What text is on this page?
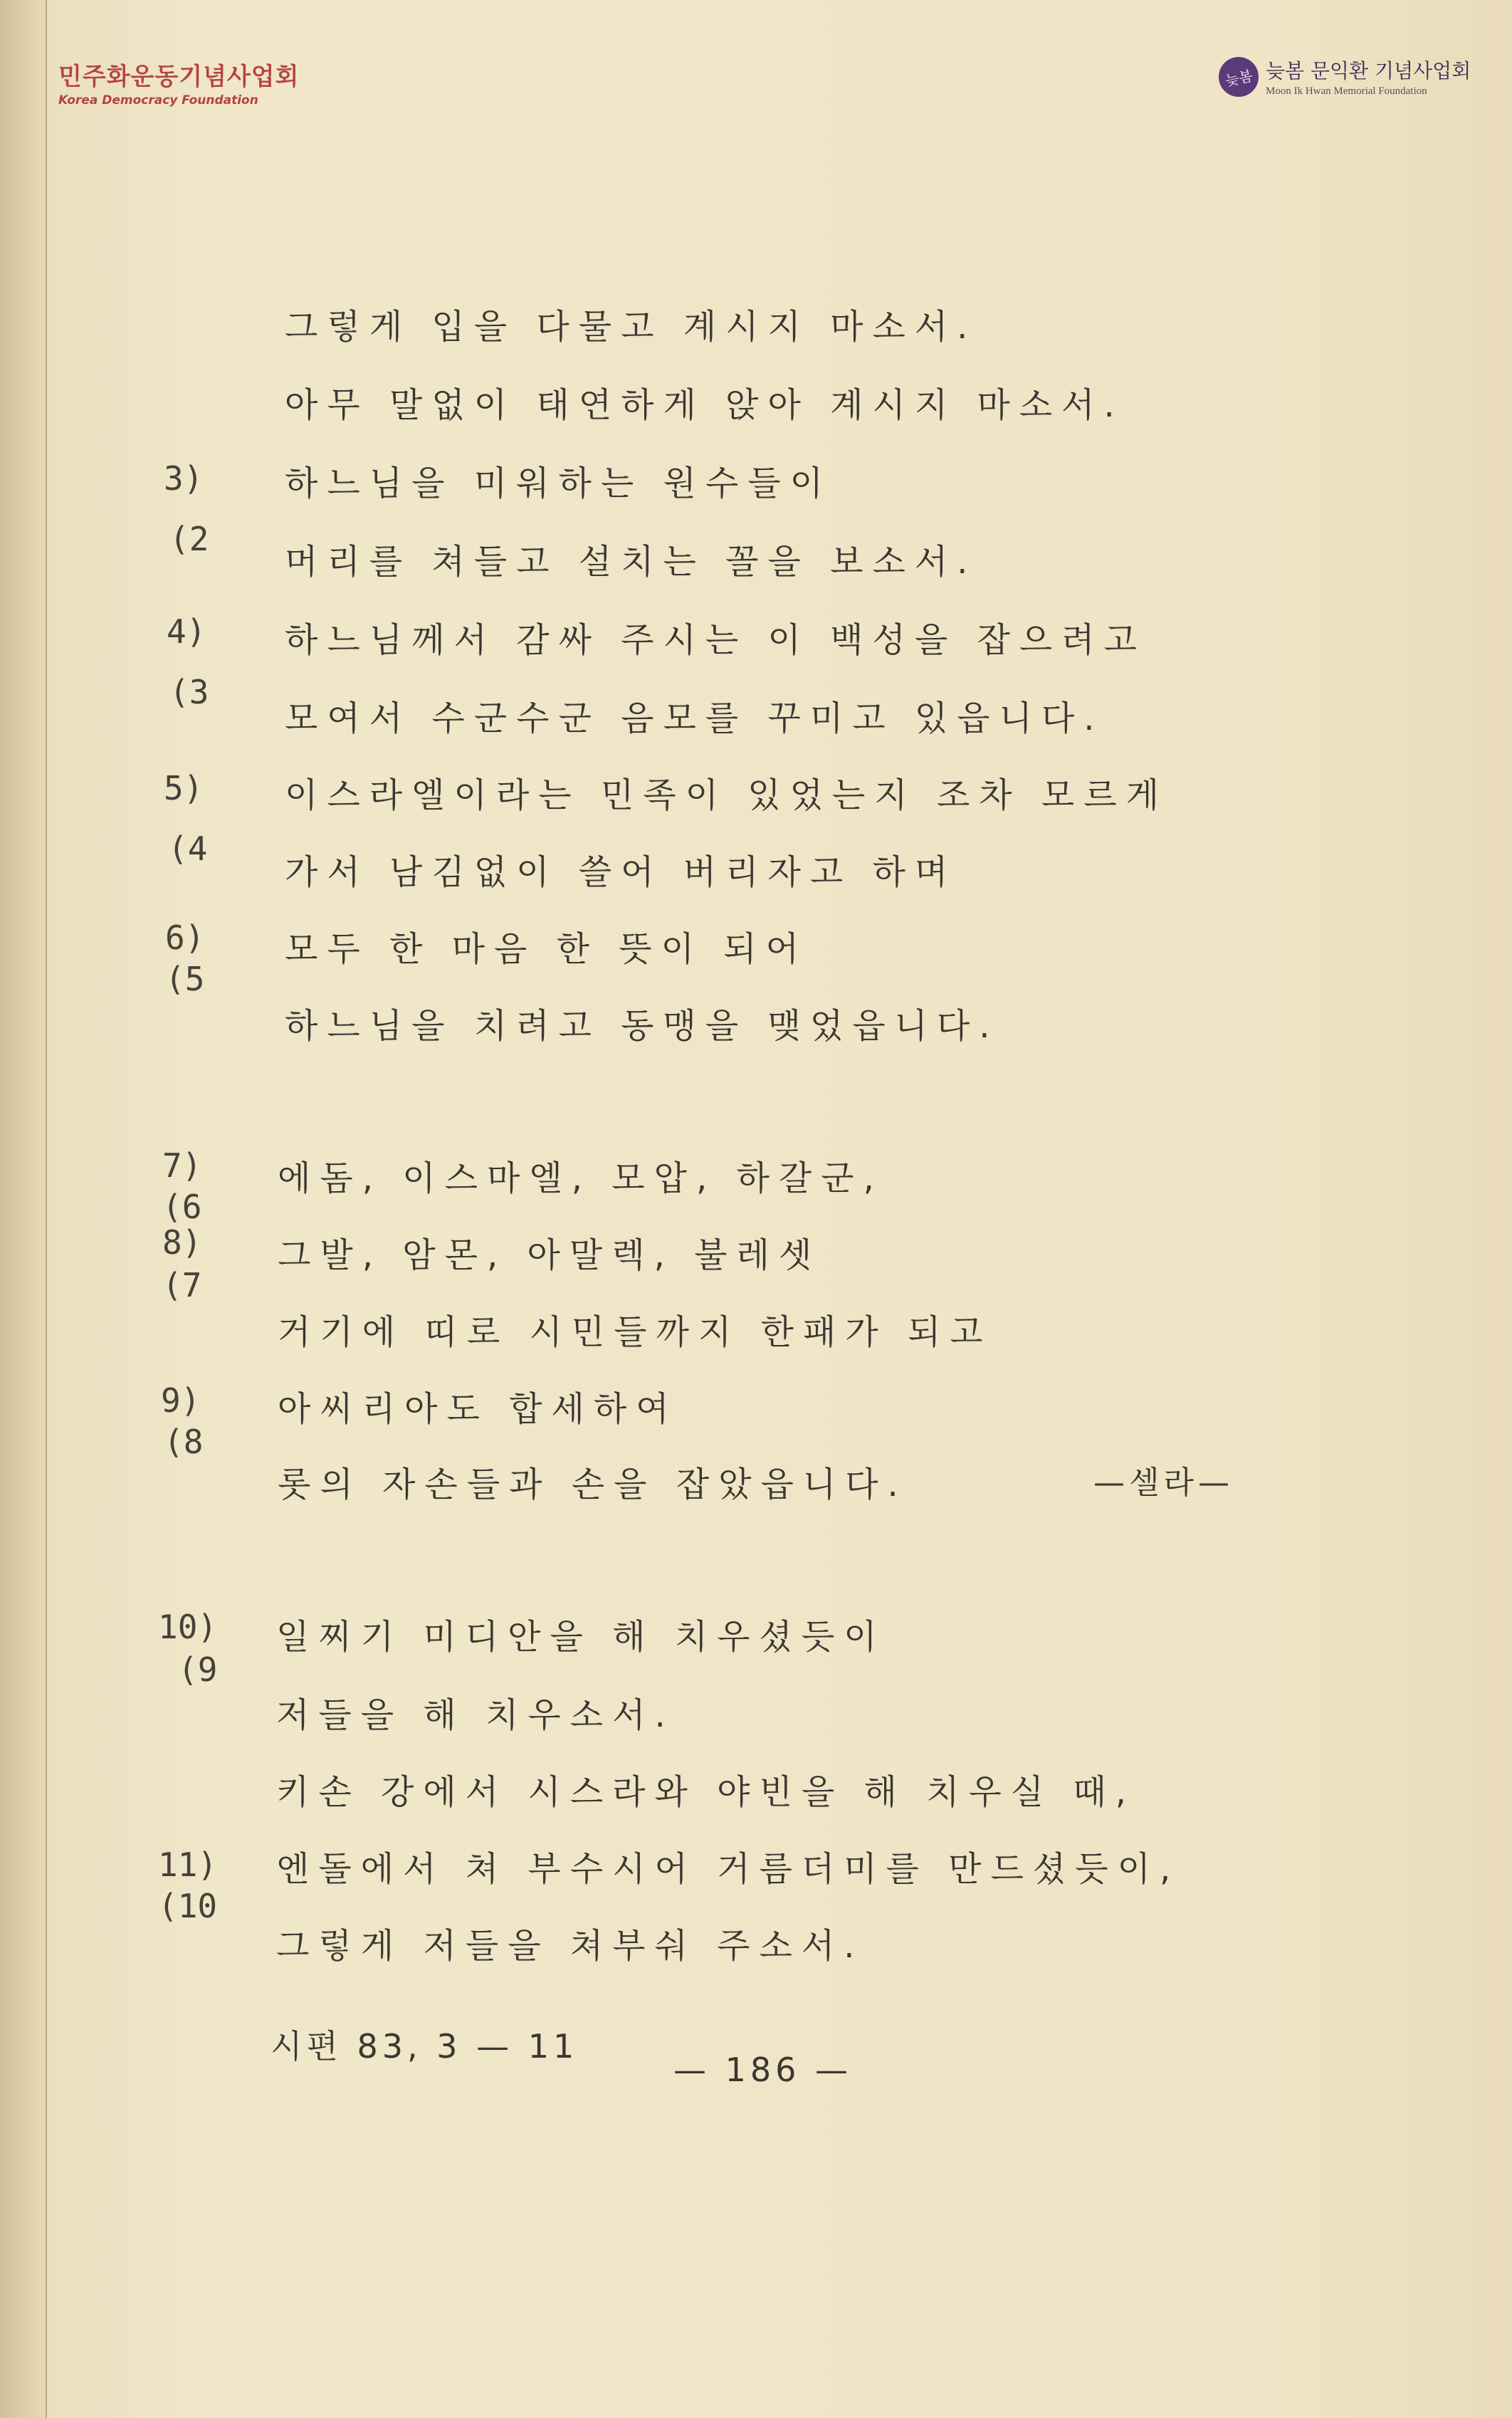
민주화운동기념사업회
Korea Democracy Foundation
늦봄 늦봄 문익환 기념사업회
Moon Ik Hwan Memorial Foundation
그렇게 입을 다물고 계시지 마소서.
아무 말없이 태연하게 앉아 계시지 마소서.
하느님을 미워하는 원수들이
머리를 쳐들고 설치는 꼴을 보소서.
하느님께서 감싸 주시는 이 백성을 잡으려고
모여서 수군수군 음모를 꾸미고 있읍니다.
이스라엘이라는 민족이 있었는지 조차 모르게
가서 남김없이 쓸어 버리자고 하며
모두 한 마음 한 뜻이 되어
하느님을 치려고 동맹을 맺었읍니다.
에돔, 이스마엘, 모압, 하갈군,
그발, 암몬, 아말렉, 불레셋
거기에 띠로 시민들까지 한패가 되고
아씨리아도 합세하여
롯의 자손들과 손을 잡았읍니다.	—셀라—
일찌기 미디안을 해 치우셨듯이
저들을 해 치우소서.
키손 강에서 시스라와 야빈을 해 치우실 때,
엔돌에서 쳐 부수시어 거름더미를 만드셨듯이,
그렇게 저들을 쳐부숴 주소서.
3)
(2
4)
(3
5)
(4
6)
(5
7)
(6
8)
(7
9)
(8
10)
(9
11)
(10
시편 83, 3 — 11
— 186 —
